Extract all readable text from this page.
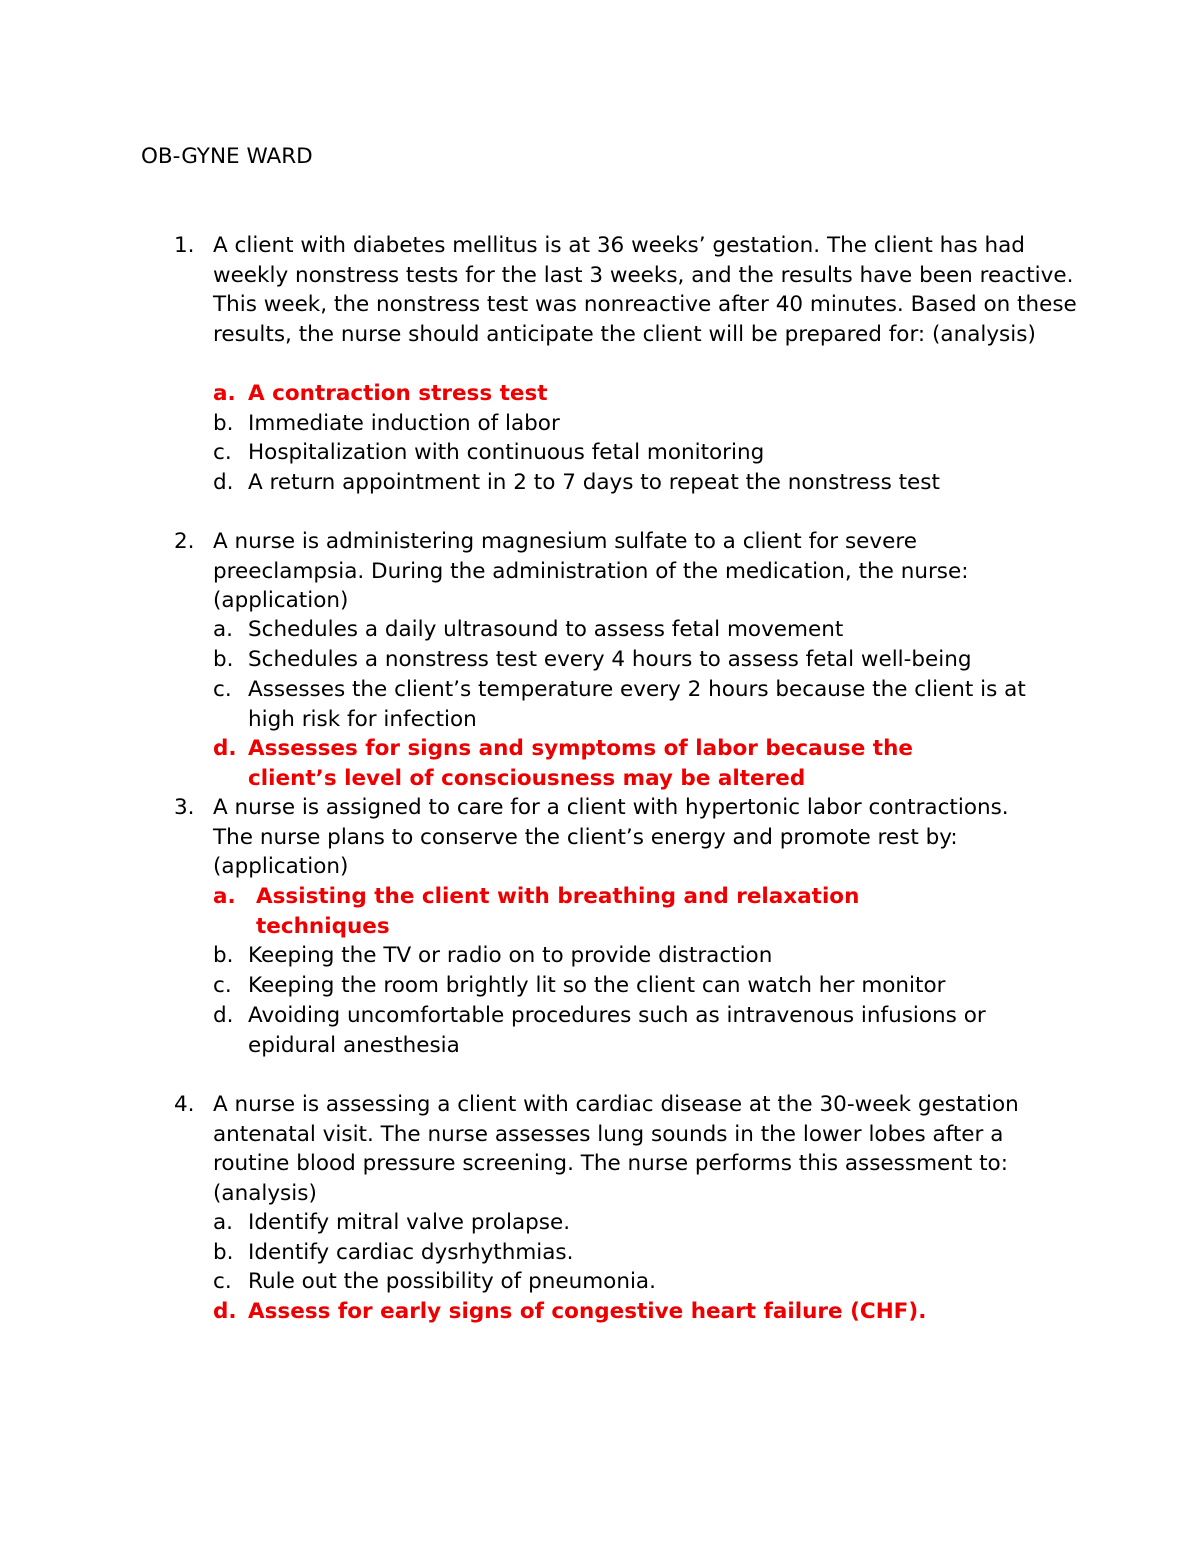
OB-GYNE WARD
1. A client with diabetes mellitus is at 36 weeks’ gestation. The client has had weekly nonstress tests for the last 3 weeks, and the results have been reactive. This week, the nonstress test was nonreactive after 40 minutes. Based on these results, the nurse should anticipate the client will be prepared for: (analysis)
a. A contraction stress test
b. Immediate induction of labor
c. Hospitalization with continuous fetal monitoring
d. A return appointment in 2 to 7 days to repeat the nonstress test
2. A nurse is administering magnesium sulfate to a client for severe preeclampsia. During the administration of the medication, the nurse: (application)
a. Schedules a daily ultrasound to assess fetal movement
b. Schedules a nonstress test every 4 hours to assess fetal well-being
c. Assesses the client’s temperature every 2 hours because the client is at high risk for infection
d. Assesses for signs and symptoms of labor because the client’s level of consciousness may be altered
3. A nurse is assigned to care for a client with hypertonic labor contractions. The nurse plans to conserve the client’s energy and promote rest by: (application)
a. Assisting the client with breathing and relaxation techniques
b. Keeping the TV or radio on to provide distraction
c. Keeping the room brightly lit so the client can watch her monitor
d. Avoiding uncomfortable procedures such as intravenous infusions or epidural anesthesia
4. A nurse is assessing a client with cardiac disease at the 30-week gestation antenatal visit. The nurse assesses lung sounds in the lower lobes after a routine blood pressure screening. The nurse performs this assessment to: (analysis)
a. Identify mitral valve prolapse.
b. Identify cardiac dysrhythmias.
c. Rule out the possibility of pneumonia.
d. Assess for early signs of congestive heart failure (CHF).
